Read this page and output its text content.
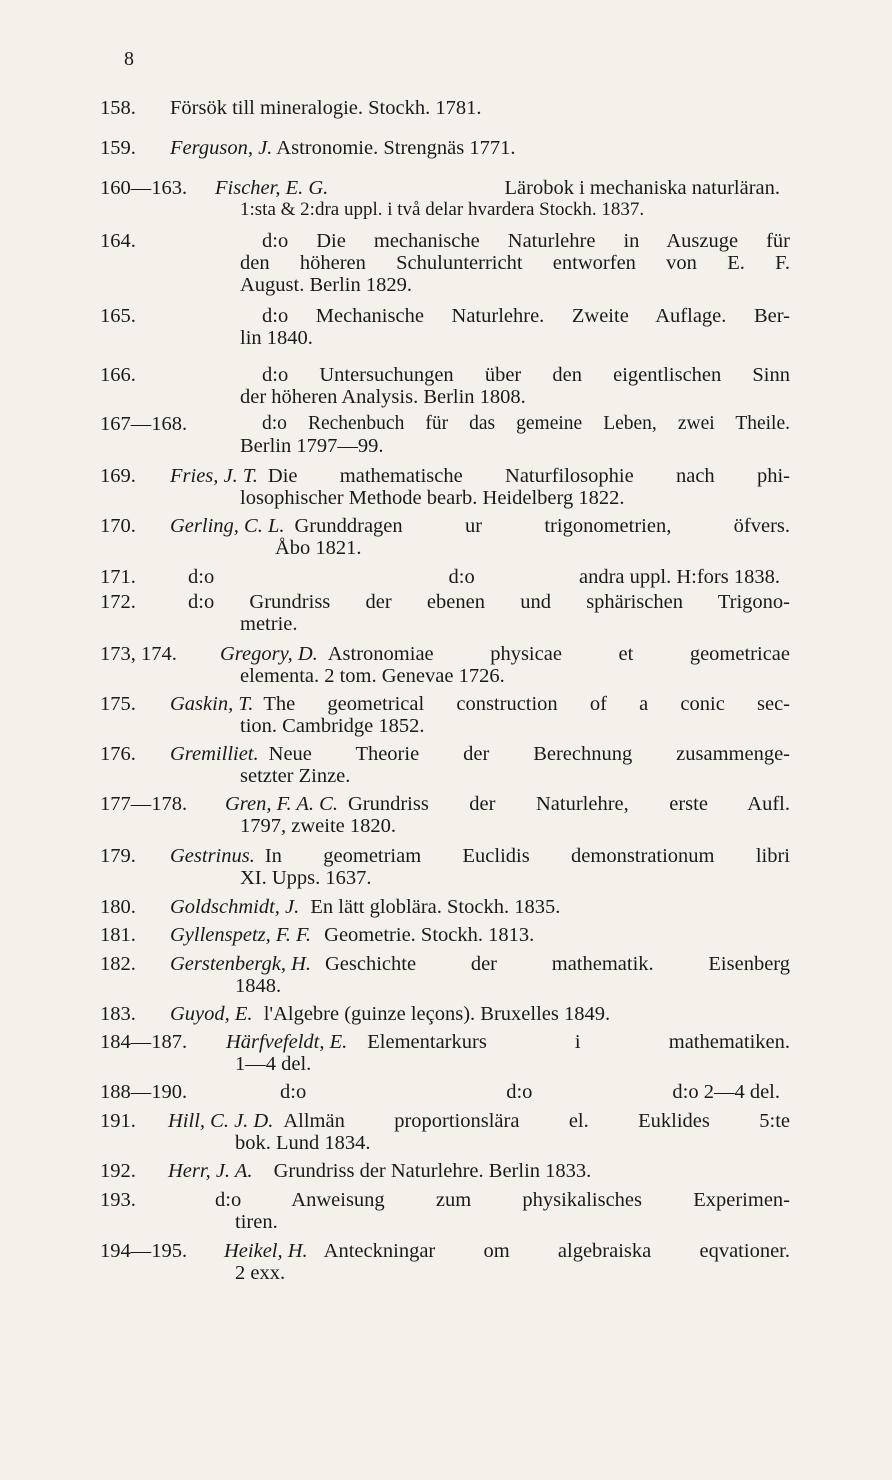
8
158. Försök till mineralogie. Stockh. 1781.
159. Ferguson, J. Astronomie. Strengnäs 1771.
160—163. Fischer, E. G.	Lärobok i mechaniska naturläran.
1:sta & 2:dra uppl. i två delar hvardera Stockh. 1837.
164.	d:o Die mechanische Naturlehre in Auszuge für
den höheren Schulunterricht entworfen von E. F.
August. Berlin 1829.
165.	d:o Mechanische Naturlehre. Zweite Auflage. Ber-
lin 1840.
166.	d:o Untersuchungen über den eigentlischen Sinn
der höheren Analysis. Berlin 1808.
167—168.	d:o Rechenbuch für das gemeine Leben, zwei Theile.
Berlin 1797—99.
169. Fries, J. T. Die mathematische Naturfilosophie nach phi-
losophischer Methode bearb. Heidelberg 1822.
170. Gerling, C. L. Grunddragen ur trigonometrien, öfvers.
Åbo 1821.
171.	d:o	d:o	andra uppl. H:fors 1838.
172.	d:o Grundriss der ebenen und sphärischen Trigono-
metrie.
173, 174. Gregory, D. Astronomiae physicae et geometricae
elementa. 2 tom. Genevae 1726.
175. Gaskin, T. The geometrical construction of a conic sec-
tion. Cambridge 1852.
176. Gremilliet. Neue Theorie der Berechnung zusammenge-
setzter Zinze.
177—178. Gren, F. A. C. Grundriss der Naturlehre, erste Aufl.
1797, zweite 1820.
179. Gestrinus. In geometriam Euclidis demonstrationum libri
XI. Upps. 1637.
180. Goldschmidt, J. En lätt globlära. Stockh. 1835.
181. Gyllenspetz, F. F. Geometrie. Stockh. 1813.
182. Gerstenbergk, H. Geschichte der mathematik. Eisenberg
1848.
183. Guyod, E. l'Algebre (guinze leçons). Bruxelles 1849.
184—187. Härfvefeldt, E. Elementarkurs i mathematiken.
1—4 del.
188—190.	d:o	d:o	d:o 2—4 del.
191. Hill, C. J. D. Allmän proportionslära el. Euklides 5:te
bok. Lund 1834.
192. Herr, J. A. Grundriss der Naturlehre. Berlin 1833.
193.	d:o Anweisung zum physikalisches Experimen-
tiren.
194—195. Heikel, H. Anteckningar om algebraiska eqvationer.
2 exx.
